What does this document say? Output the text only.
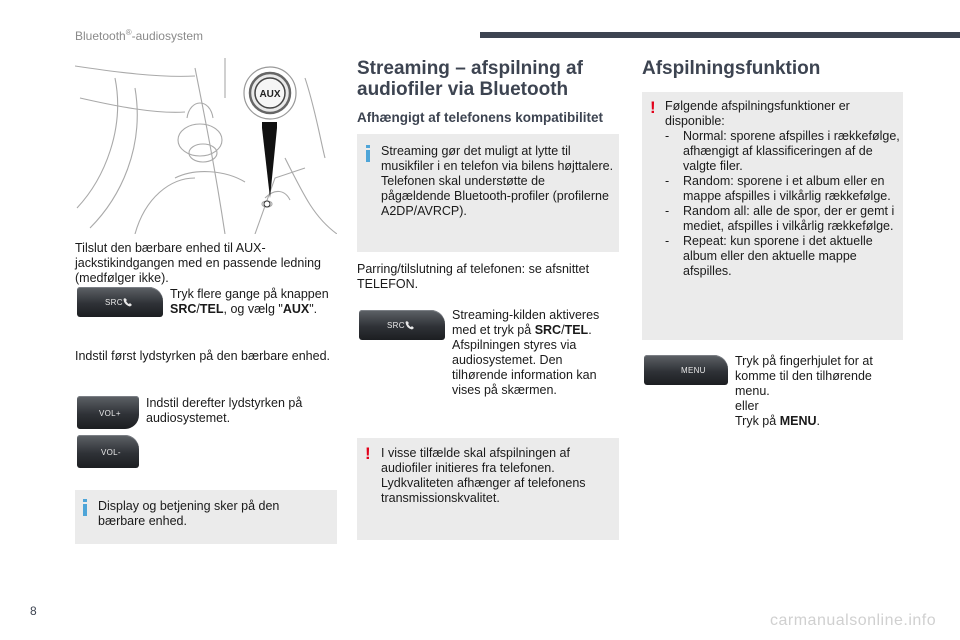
Bluetooth®-audiosystem
AUX
Tilslut den bærbare enhed til AUX-jackstikindgangen med en passende ledning (medfølger ikke).
SRC
Tryk flere gange på knappen SRC/TEL, og vælg "AUX".
Indstil først lydstyrken på den bærbare enhed.
VOL+
VOL-
Indstil derefter lydstyrken på audiosystemet.
Display og betjening sker på den bærbare enhed.
Streaming – afspilning af audiofiler via Bluetooth
Afhængigt af telefonens kompatibilitet
Streaming gør det muligt at lytte til musikfiler i en telefon via bilens højttalere. Telefonen skal understøtte de pågældende Bluetooth-profiler (profilerne A2DP/AVRCP).
Parring/tilslutning af telefonen: se afsnittet TELEFON.
SRC
Streaming-kilden aktiveres med et tryk på SRC/TEL. Afspilningen styres via audiosystemet. Den tilhørende information kan vises på skærmen.
! I visse tilfælde skal afspilningen af audiofiler initieres fra telefonen. Lydkvaliteten afhænger af telefonens transmissionskvalitet.
Afspilningsfunktion
! Følgende afspilningsfunktioner er disponible:
- Normal: sporene afspilles i rækkefølge, afhængigt af klassificeringen af de valgte filer.
- Random: sporene i et album eller en mappe afspilles i vilkårlig rækkefølge.
- Random all: alle de spor, der er gemt i mediet, afspilles i vilkårlig rækkefølge.
- Repeat: kun sporene i det aktuelle album eller den aktuelle mappe afspilles.
MENU
Tryk på fingerhjulet for at komme til den tilhørende menu.
eller
Tryk på MENU.
8
carmanualsonline.info
